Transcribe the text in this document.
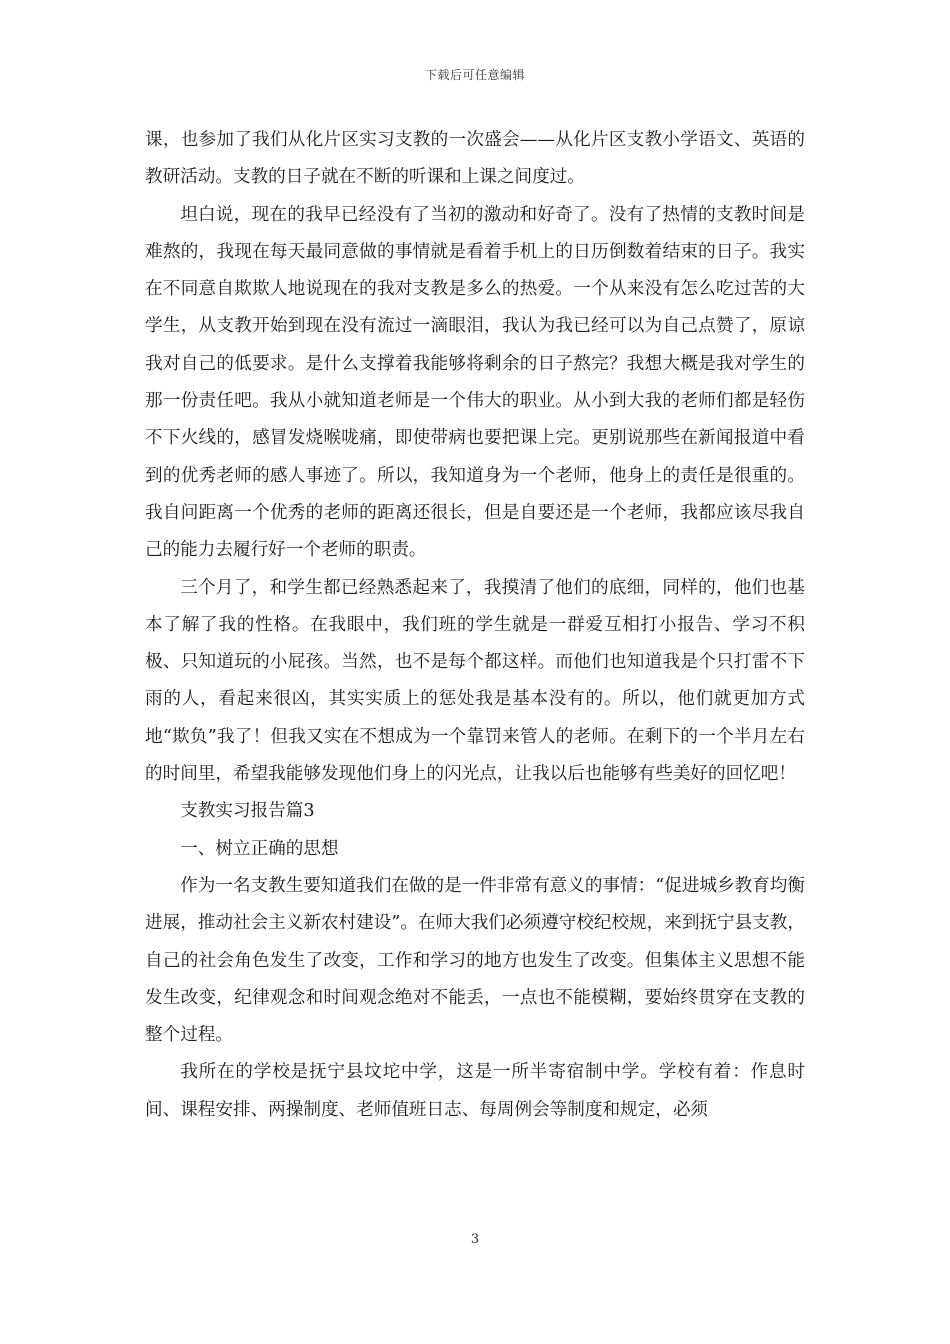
下载后可任意编辑

课，也参加了我们从化片区实习支教的一次盛会——从化片区支教小学语文、英语的教研活动。支教的日子就在不断的听课和上课之间度过。

坦白说，现在的我早已经没有了当初的激动和好奇了。没有了热情的支教时间是难熬的，我现在每天最同意做的事情就是看着手机上的日历倒数着结束的日子。我实在不同意自欺欺人地说现在的我对支教是多么的热爱。一个从来没有怎么吃过苦的大学生，从支教开始到现在没有流过一滴眼泪，我认为我已经可以为自己点赞了，原谅我对自己的低要求。是什么支撑着我能够将剩余的日子熬完？我想大概是我对学生的那一份责任吧。我从小就知道老师是一个伟大的职业。从小到大我的老师们都是轻伤不下火线的，感冒发烧喉咙痛，即使带病也要把课上完。更别说那些在新闻报道中看到的优秀老师的感人事迹了。所以，我知道身为一个老师，他身上的责任是很重的。我自问距离一个优秀的老师的距离还很长，但是自要还是一个老师，我都应该尽我自己的能力去履行好一个老师的职责。

三个月了，和学生都已经熟悉起来了，我摸清了他们的底细，同样的，他们也基本了解了我的性格。在我眼中，我们班的学生就是一群爱互相打小报告、学习不积极、只知道玩的小屁孩。当然，也不是每个都这样。而他们也知道我是个只打雷不下雨的人，看起来很凶，其实实质上的惩处我是基本没有的。所以，他们就更加方式地“欺负”我了！但我又实在不想成为一个靠罚来管人的老师。在剩下的一个半月左右的时间里，希望我能够发现他们身上的闪光点，让我以后也能够有些美好的回忆吧！

支教实习报告篇3

一、树立正确的思想

作为一名支教生要知道我们在做的是一件非常有意义的事情：“促进城乡教育均衡进展，推动社会主义新农村建设”。在师大我们必须遵守校纪校规，来到抚宁县支教，自己的社会角色发生了改变，工作和学习的地方也发生了改变。但集体主义思想不能发生改变，纪律观念和时间观念绝对不能丢，一点也不能模糊，要始终贯穿在支教的整个过程。

我所在的学校是抚宁县坟坨中学，这是一所半寄宿制中学。学校有着：作息时间、课程安排、两操制度、老师值班日志、每周例会等制度和规定，必须

3
